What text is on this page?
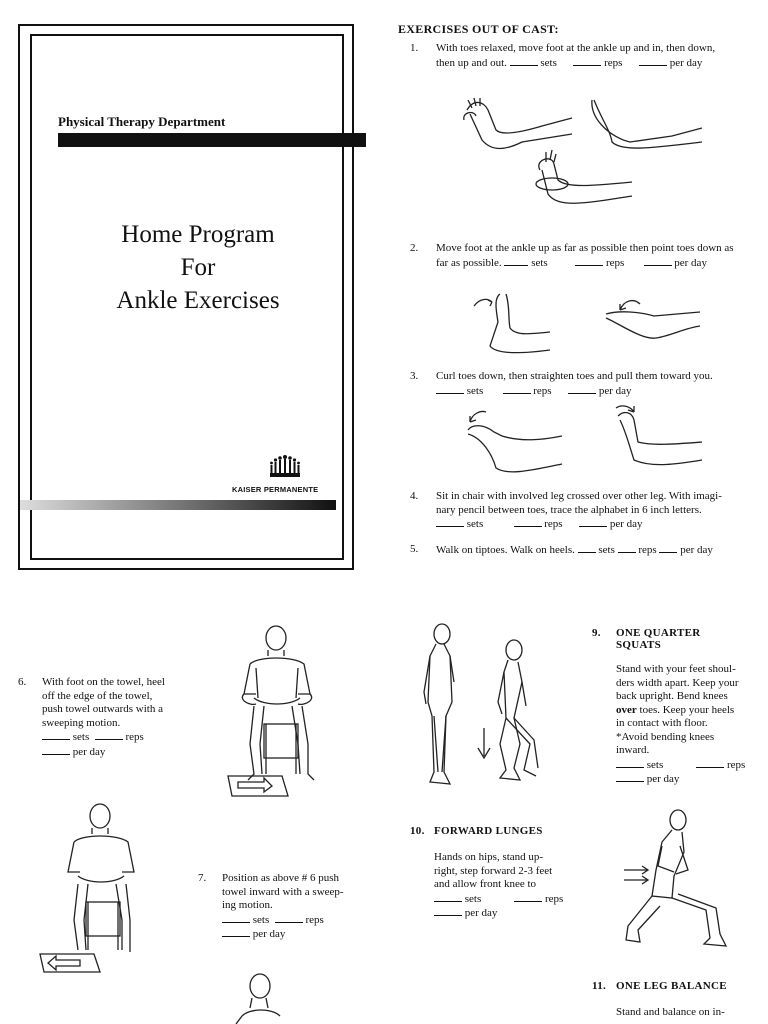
Physical Therapy Department
Home Program
For
Ankle Exercises
KAISER PERMANENTE
EXERCISES OUT OF CAST:
1. With toes relaxed, move foot at the ankle up and in, then down,
then up and out.	sets	reps	per day
2. Move foot at the ankle up as far as possible then point toes down as
far as possible.	sets	reps	per day
3. Curl toes down, then straighten toes and pull them toward you.
sets	reps	per day
4. Sit in chair with involved leg crossed over other leg. With imagi-
nary pencil between toes, trace the alphabet in 6 inch letters.
sets	reps	per day
5. Walk on tiptoes. Walk on heels. sets reps per day
6. With foot on the towel, heel
off the edge of the towel,
push towel outwards with a
sweeping motion.
sets	reps
per day
7. Position as above # 6 push
towel inward with a sweep-
ing motion.
sets	reps
per day
9. ONE QUARTER
SQUATS
Stand with your feet shoul-
ders width apart. Keep your
back upright. Bend knees
over toes. Keep your heels
in contact with floor.
*Avoid bending knees
inward.
sets	reps
per day
10. FORWARD LUNGES
Hands on hips, stand up-
right, step forward 2-3 feet
and allow front knee to
sets	reps
per day
11. ONE LEG BALANCE
Stand and balance on in-
